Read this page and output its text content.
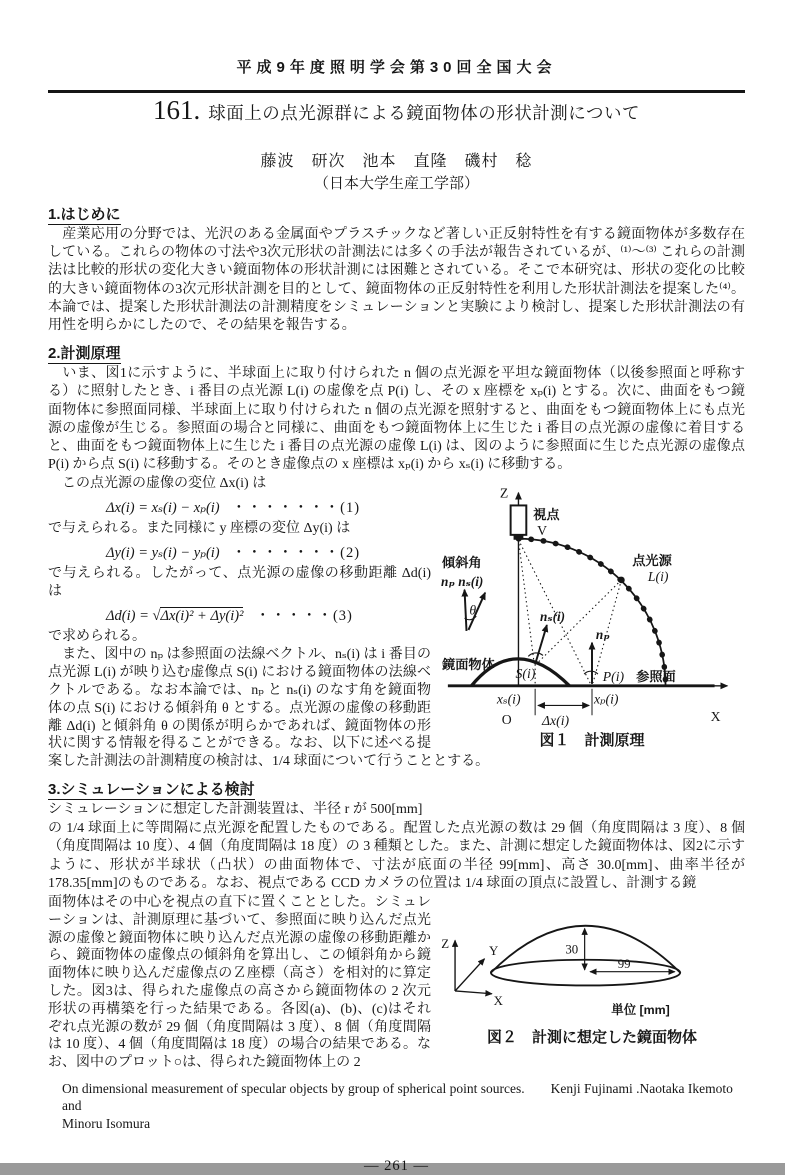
平成9年度照明学会第30回全国大会
161. 球面上の点光源群による鏡面物体の形状計測について
藤波　研次　池本　直隆　磯村　稔
（日本大学生産工学部）
1.はじめに

　産業応用の分野では、光沢のある金属面やプラスチックなど著しい正反射特性を有する鏡面物体が多数存在している。これらの物体の寸法や3次元形状の計測法には多くの手法が報告されているが、⁽¹⁾～⁽³⁾ これらの計測法は比較的形状の変化大きい鏡面物体の形状計測には困難とされている。そこで本研究は、形状の変化の比較的大きい鏡面物体の3次元形状計測を目的として、鏡面物体の正反射特性を利用した形状計測法を提案した⁽⁴⁾。本論では、提案した形状計測法の計測精度をシミュレーションと実験により検討し、提案した形状計測法の有用性を明らかにしたので、その結果を報告する。

2.計測原理

　いま、図1に示すように、半球面上に取り付けられた n 個の点光源を平坦な鏡面物体（以後参照面と呼称する）に照射したとき、i 番目の点光源 L(i) の虚像を点 P(i) し、その x 座標を xₚ(i) とする。次に、曲面をもつ鏡面物体に参照面同様、半球面上に取り付けられた n 個の点光源を照射すると、曲面をもつ鏡面物体上にも点光源の虚像が生じる。参照面の場合と同様に、曲面をもつ鏡面物体上に生じた i 番目の点光源の虚像に着目すると、曲面をもつ鏡面物体上に生じた i 番目の点光源の虚像 L(i) は、図のように参照面に生じた点光源の虚像点 P(i) から点 S(i) に移動する。そのとき虚像点の x 座標は xₚ(i) から xₛ(i) に移動する。

Z
視点
V
傾斜角
nₚ nₛ(i)
θ
点光源
L(i)
nₛ(i)
nₚ
鏡面物体
S(i)	P(i) 参照面
xₛ(i)	xₚ(i)
O Δx(i)	X
図１　計測原理

　この点光源の虚像の変位 Δx(i) は

Δx(i) = xₛ(i) − xₚ(i) ・・・・・・・(1)

で与えられる。また同様に y 座標の変位 Δy(i) は

Δy(i) = yₛ(i) − yₚ(i) ・・・・・・・(2)

で与えられる。したがって、点光源の虚像の移動距離 Δd(i) は

Δd(i) = √Δx(i)² + Δy(i)² ・・・・・(3)

で求められる。

　また、図中の nₚ は参照面の法線ベクトル、nₛ(i) は i 番目の点光源 L(i) が映り込む虚像点 S(i) における鏡面物体の法線ベクトルである。なお本論では、nₚ と nₛ(i) のなす角を鏡面物体の点 S(i) における傾斜角 θ とする。点光源の虚像の移動距離 Δd(i) と傾斜角 θ の関係が明らかであれば、鏡面物体の形状に関する情報を得ることができる。なお、以下に述べる提案した計測法の計測精度の検討は、1/4 球面について行うこととする。

3.シミュレーションによる検討

シミュレーションに想定した計測装置は、半径 r が 500[mm]

の 1/4 球面上に等間隔に点光源を配置したものである。配置した点光源の数は 29 個（角度間隔は 3 度）、8 個（角度間隔は 10 度）、4 個（角度間隔は 18 度）の 3 種類とした。また、計測に想定した鏡面物体は、図2に示すように、形状が半球状（凸状）の曲面物体で、寸法が底面の半径 99[mm]、高さ 30.0[mm]、曲率半径が 178.35[mm]のものである。なお、視点である CCD カメラの位置は 1/4 球面の頂点に設置し、計測する鏡

Z
Y
X
30
99
単位 [mm]
図２　計測に想定した鏡面物体

面物体はその中心を視点の直下に置くこととした。シミュレーションは、計測原理に基づいて、参照面に映り込んだ点光源の虚像と鏡面物体に映り込んだ点光源の虚像の移動距離から、鏡面物体の虚像点の傾斜角を算出し、この傾斜角から鏡面物体に映り込んだ虚像点のＺ座標（高さ）を相対的に算定した。図3は、得られた虚像点の高さから鏡面物体の 2 次元形状の再構築を行った結果である。各図(a)、(b)、(c)はそれぞれ点光源の数が 29 個（角度間隔は 3 度）、8 個（角度間隔は 10 度）、4 個（角度間隔は 18 度）の場合の結果である。なお、図中のプロット○は、得られた鏡面物体上の 2

On dimensional measurement of specular objects by group of spherical point sources. Kenji Fujinami .Naotaka Ikemoto and
Minoru Isomura
— 261 —
